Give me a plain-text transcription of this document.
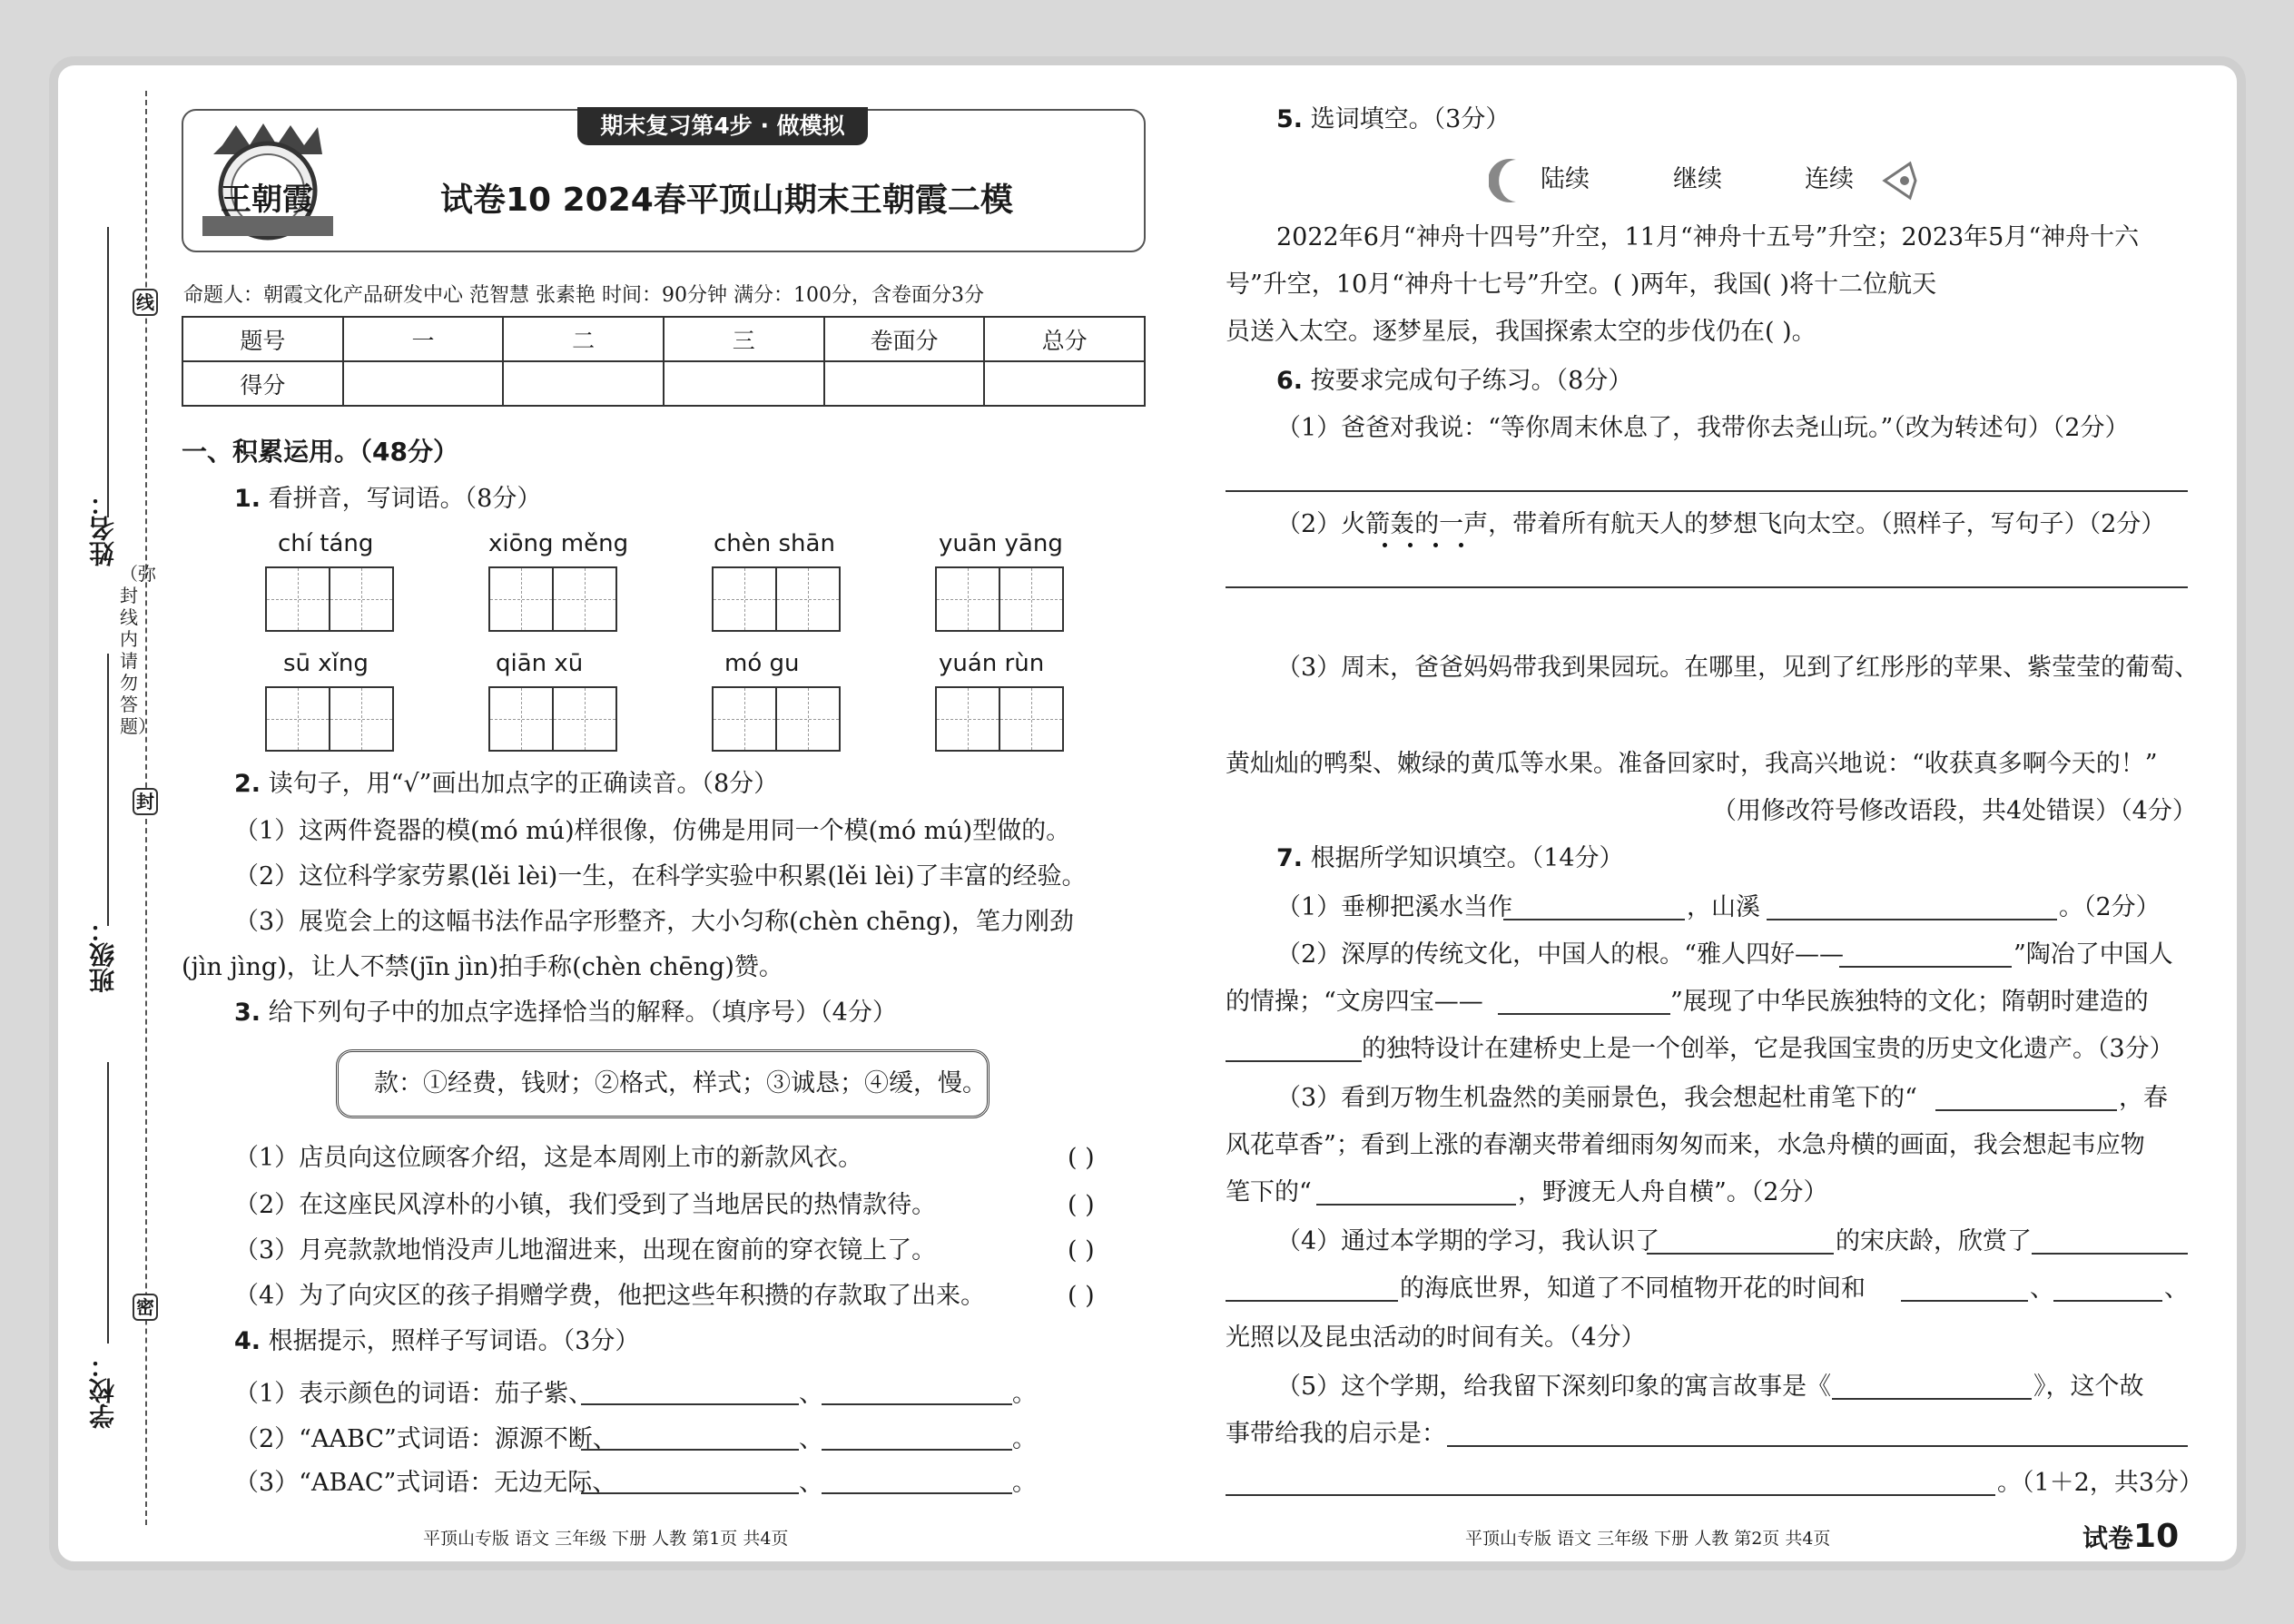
线
封
密
姓名：
班级：
学校：
（弥封线内请勿答题）
期末复习第4步 · 做模拟
王朝霞	试卷10 2024春平顶山期末王朝霞二模
命题人：朝霞文化产品研发中心 范智慧 张素艳 时间：90分钟 满分：100分，含卷面分3分
题号	一	二	三	卷面分	总分
得分					
一、积累运用。（48分）
1. 看拼音，写词语。（8分）
chí táng	xiōng měng	chèn shān	yuān yāng
sū xǐng	qiān xū	mó gu	yuán rùn
2. 读句子，用“√”画出加点字的正确读音。（8分）
（1）这两件瓷器的模(mó mú)样很像，仿佛是用同一个模(mó mú)型做的。
（2）这位科学家劳累(lěi lèi)一生，在科学实验中积累(lěi lèi)了丰富的经验。
（3）展览会上的这幅书法作品字形整齐，大小匀称(chèn chēng)，笔力刚劲
(jìn jìng)，让人不禁(jīn jìn)拍手称(chèn chēng)赞。
3. 给下列句子中的加点字选择恰当的解释。（填序号）（4分）
款：①经费，钱财；②格式，样式；③诚恳；④缓，慢。
（1）店员向这位顾客介绍，这是本周刚上市的新款风衣。	( )
（2）在这座民风淳朴的小镇，我们受到了当地居民的热情款待。	( )
（3）月亮款款地悄没声儿地溜进来，出现在窗前的穿衣镜上了。	( )
（4）为了向灾区的孩子捐赠学费，他把这些年积攒的存款取了出来。	( )
4. 根据提示，照样子写词语。（3分）
（1）表示颜色的词语：茄子紫、	、	。
（2）“AABC”式词语：源源不断、	、	。
（3）“ABAC”式词语：无边无际、	、	。
平顶山专版 语文 三年级 下册 人教 第1页 共4页
5. 选词填空。（3分）
陆续	继续	连续
2022年6月“神舟十四号”升空，11月“神舟十五号”升空；2023年5月“神舟十六
号”升空，10月“神舟十七号”升空。( )两年，我国( )将十二位航天
员送入太空。逐梦星辰，我国探索太空的步伐仍在( )。
6. 按要求完成句子练习。（8分）
（1）爸爸对我说：“等你周末休息了，我带你去尧山玩。”（改为转述句）（2分）
（2）火箭轰的一声，带着所有航天人的梦想飞向太空。（照样子，写句子）（2分）
（3）周末，爸爸妈妈带我到果园玩。在哪里，见到了红彤彤的苹果、紫莹莹的葡萄、
黄灿灿的鸭梨、嫩绿的黄瓜等水果。准备回家时，我高兴地说：“收获真多啊今天的！”
（用修改符号修改语段，共4处错误）（4分）
7. 根据所学知识填空。（14分）
（1）垂柳把溪水当作	，山溪	。（2分）
（2）深厚的传统文化，中国人的根。“雅人四好——	”陶冶了中国人
的情操；“文房四宝——	”展现了中华民族独特的文化；隋朝时建造的
的独特设计在建桥史上是一个创举，它是我国宝贵的历史文化遗产。（3分）
（3）看到万物生机盎然的美丽景色，我会想起杜甫笔下的“	，春
风花草香”；看到上涨的春潮夹带着细雨匆匆而来，水急舟横的画面，我会想起韦应物
笔下的“	，野渡无人舟自横”。（2分）
（4）通过本学期的学习，我认识了	的宋庆龄，欣赏了
的海底世界，知道了不同植物开花的时间和	、	、
光照以及昆虫活动的时间有关。（4分）
（5）这个学期，给我留下深刻印象的寓言故事是《	》，这个故
事带给我的启示是：
。（1＋2，共3分）
平顶山专版 语文 三年级 下册 人教 第2页 共4页	试卷10
